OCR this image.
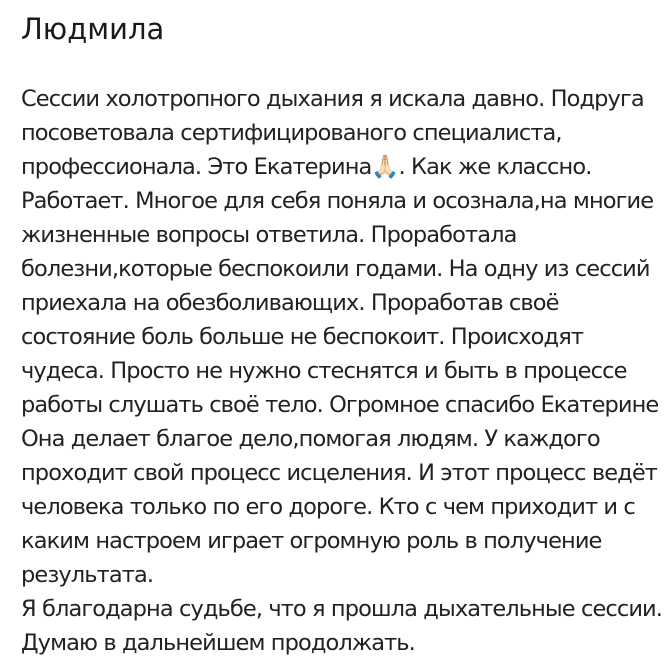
Людмила

Сессии холотропного дыхания я искала давно. Подруга
посоветовала сертифицированого специалиста,
профессионала. Это Екатерина🙏🏻. Как же классно.
Работает. Многое для себя поняла и осознала,на многие
жизненные вопросы ответила. Проработала
болезни,которые беспокоили годами. На одну из сессий
приехала на обезболивающих. Проработав своё
состояние боль больше не беспокоит. Происходят
чудеса. Просто не нужно стеснятся и быть в процессе
работы слушать своё тело. Огромное спасибо Екатерине
Она делает благое дело,помогая людям. У каждого
проходит свой процесс исцеления. И этот процесс ведёт
человека только по его дороге. Кто с чем приходит и с
каким настроем играет огромную роль в получение
результата.
Я благодарна судьбе, что я прошла дыхательные сессии.
Думаю в дальнейшем продолжать.
